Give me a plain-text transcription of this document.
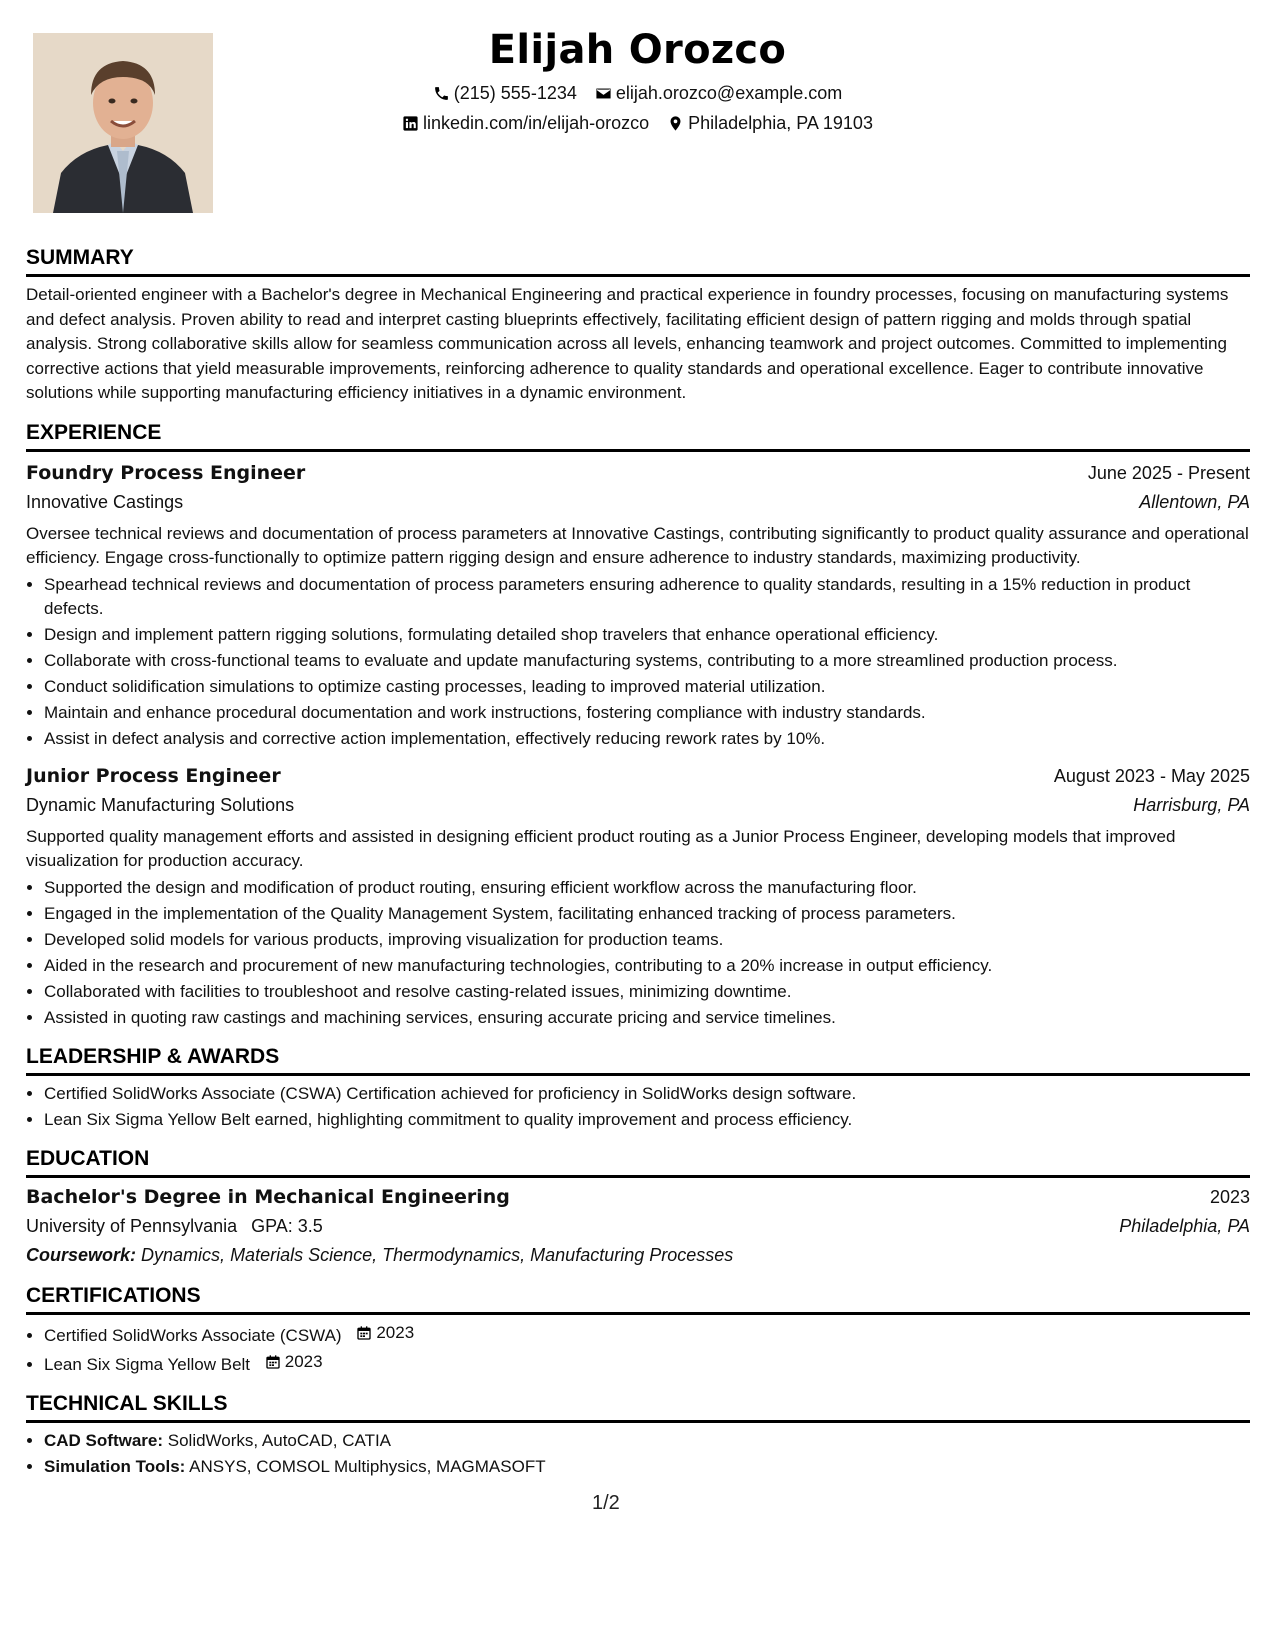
Elijah Orozco
(215) 555-1234 elijah.orozco@example.com
linkedin.com/in/elijah-orozco Philadelphia, PA 19103
SUMMARY

Detail-oriented engineer with a Bachelor's degree in Mechanical Engineering and practical experience in foundry processes, focusing on manufacturing systems and defect analysis. Proven ability to read and interpret casting blueprints effectively, facilitating efficient design of pattern rigging and molds through spatial analysis. Strong collaborative skills allow for seamless communication across all levels, enhancing teamwork and project outcomes. Committed to implementing corrective actions that yield measurable improvements, reinforcing adherence to quality standards and operational excellence. Eager to contribute innovative solutions while supporting manufacturing efficiency initiatives in a dynamic environment.

EXPERIENCE
Foundry Process Engineer	June 2025 - Present
Innovative Castings	Allentown, PA

Oversee technical reviews and documentation of process parameters at Innovative Castings, contributing significantly to product quality assurance and operational efficiency. Engage cross-functionally to optimize pattern rigging design and ensure adherence to industry standards, maximizing productivity.

• Spearhead technical reviews and documentation of process parameters ensuring adherence to quality standards, resulting in a 15% reduction in product defects.
• Design and implement pattern rigging solutions, formulating detailed shop travelers that enhance operational efficiency.
• Collaborate with cross-functional teams to evaluate and update manufacturing systems, contributing to a more streamlined production process.
• Conduct solidification simulations to optimize casting processes, leading to improved material utilization.
• Maintain and enhance procedural documentation and work instructions, fostering compliance with industry standards.
• Assist in defect analysis and corrective action implementation, effectively reducing rework rates by 10%.
Junior Process Engineer	August 2023 - May 2025
Dynamic Manufacturing Solutions	Harrisburg, PA

Supported quality management efforts and assisted in designing efficient product routing as a Junior Process Engineer, developing models that improved visualization for production accuracy.

• Supported the design and modification of product routing, ensuring efficient workflow across the manufacturing floor.
• Engaged in the implementation of the Quality Management System, facilitating enhanced tracking of process parameters.
• Developed solid models for various products, improving visualization for production teams.
• Aided in the research and procurement of new manufacturing technologies, contributing to a 20% increase in output efficiency.
• Collaborated with facilities to troubleshoot and resolve casting-related issues, minimizing downtime.
• Assisted in quoting raw castings and machining services, ensuring accurate pricing and service timelines.
LEADERSHIP & AWARDS
• Certified SolidWorks Associate (CSWA) Certification achieved for proficiency in SolidWorks design software.
• Lean Six Sigma Yellow Belt earned, highlighting commitment to quality improvement and process efficiency.
EDUCATION
Bachelor's Degree in Mechanical Engineering	2023
University of Pennsylvania GPA: 3.5	Philadelphia, PA
Coursework: Dynamics, Materials Science, Thermodynamics, Manufacturing Processes
CERTIFICATIONS
• Certified SolidWorks Associate (CSWA) 2023
• Lean Six Sigma Yellow Belt 2023
TECHNICAL SKILLS
• CAD Software: SolidWorks, AutoCAD, CATIA
• Simulation Tools: ANSYS, COMSOL Multiphysics, MAGMASOFT
1/2
